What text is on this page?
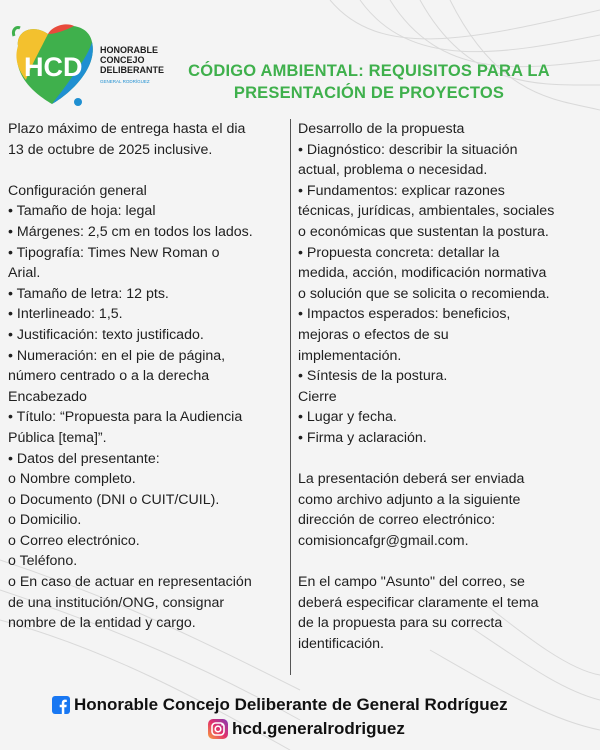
HCD
HONORABLE
CONCEJO
DELIBERANTE
GENERAL RODRÍGUEZ
CÓDIGO AMBIENTAL: REQUISITOS PARA LA
PRESENTACIÓN DE PROYECTOS
Plazo máximo de entrega hasta el dia
13 de octubre de 2025 inclusive.
Configuración general
• Tamaño de hoja: legal
• Márgenes: 2,5 cm en todos los lados.
• Tipografía: Times New Roman o
Arial.
• Tamaño de letra: 12 pts.
• Interlineado: 1,5.
• Justificación: texto justificado.
• Numeración: en el pie de página,
número centrado o a la derecha
Encabezado
• Título: “Propuesta para la Audiencia
Pública [tema]”.
• Datos del presentante:
o Nombre completo.
o Documento (DNI o CUIT/CUIL).
o Domicilio.
o Correo electrónico.
o Teléfono.
o En caso de actuar en representación
de una institución/ONG, consignar
nombre de la entidad y cargo.
Desarrollo de la propuesta
• Diagnóstico: describir la situación
actual, problema o necesidad.
• Fundamentos: explicar razones
técnicas, jurídicas, ambientales, sociales
o económicas que sustentan la postura.
• Propuesta concreta: detallar la
medida, acción, modificación normativa
o solución que se solicita o recomienda.
• Impactos esperados: beneficios,
mejoras o efectos de su
implementación.
• Síntesis de la postura.
Cierre
• Lugar y fecha.
• Firma y aclaración.
La presentación deberá ser enviada
como archivo adjunto a la siguiente
dirección de correo electrónico:
comisioncafgr@gmail.com.
En el campo "Asunto" del correo, se
deberá especificar claramente el tema
de la propuesta para su correcta
identificación.
Honorable Concejo Deliberante de General Rodríguez
hcd.generalrodriguez
